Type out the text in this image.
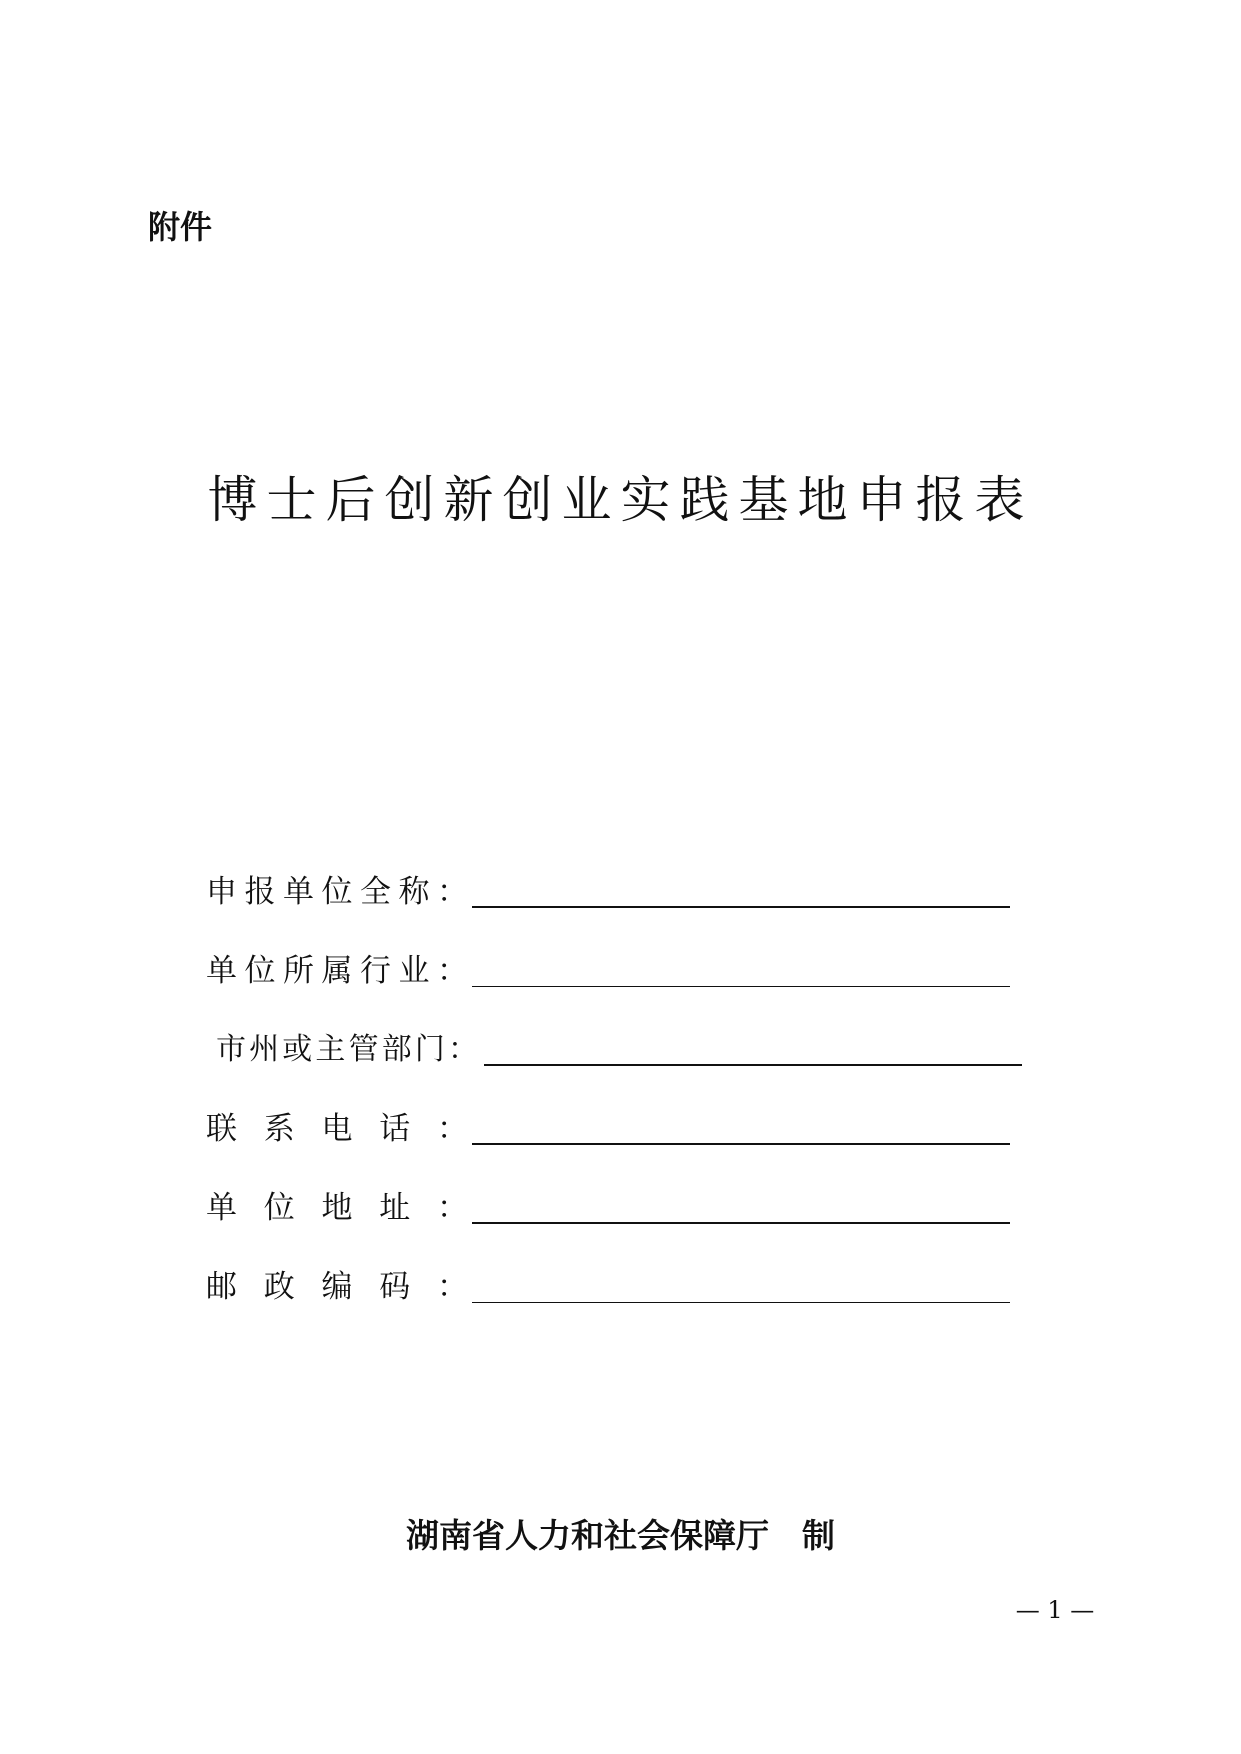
附件
博士后创新创业实践基地申报表
申 报 单 位 全 称 ：
单 位 所 属 行 业 ：
市 州 或 主 管 部 门 ：
联 系 电 话 ：
单 位 地 址 ：
邮 政 编 码 ：
湖南省人力和社会保障厅　制
— 1 —
